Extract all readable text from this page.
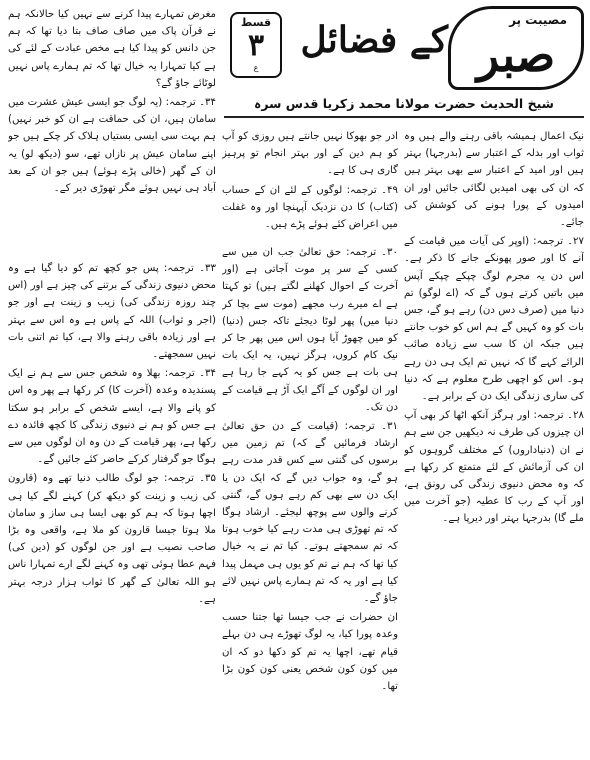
مصیبت پر
صبر
کے فضائل
قسط
۳
ع
شیخ الحدیث حضرت مولانا محمد زکریا قدس سرہ

مغرض تمہارے پیدا کرنے سے نہیں کیا حالانکہ ہم نے قرآن پاک میں صاف صاف بتا دیا تھا کہ ہم جن دانس کو پیدا کیا ہے مخص عبادت کے لئے کی ہے کیا تمہارا یہ خیال تھا کہ تم ہمارے پاس نہیں لوٹائے جاؤ گے؟

۳۴۔ ترجمہ: (یہ لوگ جو ایسی عیش عشرت میں سامان ہیں، ان کی حماقت ہے ان کو خبر نہیں) ہم بہت سی ایسی بستیاں ہلاک کر چکے ہیں جو اپنے سامان عیش پر نازاں تھے، سو (دیکھ لو) یہ ان کے گھر (خالی پڑے ہوئے) ہیں جو ان کے بعد آباد ہی نہیں ہوئے مگر تھوڑی دیر کے۔

ادر جو بھوکا نہیں جانتے ہیں روزی کو آپ کو ہم دین کے اور بہتر انجام تو پرہیز گاری ہی کا ہے۔

۴۹۔ ترجمہ: لوگوں کے لئے ان کے حساب (کتاب) کا دن نزدیک آپہنچا اور وہ غفلت میں اعراض کئے ہوئے پڑے ہیں۔

نیک اعمال ہمیشہ باقی رہنے والے ہیں وہ ثواب اور بدلہ کے اعتبار سے (بدرجہا) بہتر ہیں اور امید کے اعتبار سے بھی بہتر ہیں کہ ان کی بھی امیدیں لگائی جائیں اور ان امیدوں کے پورا ہونے کی کوشش کی جائے۔

۲۷۔ ترجمہ: (اوپر کی آیات میں قیامت کے آنے کا اور صور پھونکے جانے کا ذکر ہے۔ اس دن یہ مجرم لوگ چپکے چپکے آپس میں باتیں کرتے ہوں گے کہ (اے لوگو) تم دنیا میں (صرف دس دن) رہے ہو گے، جس بات کو وہ کہیں گے ہم اس کو خوب جانتے ہیں جبکہ ان کا سب سے زیادہ صائب الرائے کہے گا کہ نہیں تم ایک ہی دن رہے ہو۔ اس کو اچھی طرح معلوم ہے کہ دنیا کی ساری زندگی ایک دن کے برابر ہے۔

۲۸۔ ترجمہ: اور ہرگز آنکھ اٹھا کر بھی آپ ان چیزوں کی طرف نہ دیکھیں جن سے ہم نے ان (دنیاداروں) کے مختلف گروہوں کو ان کی آزمائش کے لئے متمتع کر رکھا ہے کہ وہ محض دنیوی زندگی کی رونق ہے، اور آپ کے رب کا عطیہ (جو آخرت میں ملے گا) بدرجہا بہتر اور دیرپا ہے۔

۳۳۔ ترجمہ: پس جو کچھ تم کو دیا گیا ہے وہ محض دنیوی زندگی کے برتنے کی چیز ہے اور (اس چند روزہ زندگی کی) زیب و زینت ہے اور جو (اجر و ثواب) اللہ کے پاس ہے وہ اس سے بہتر ہے اور زیادہ باقی رہنے والا ہے، کیا تم اتنی بات نہیں سمجھتے۔

۳۴۔ ترجمہ: بھلا وہ شخص جس سے ہم نے ایک پسندیدہ وعدہ (آخرت کا) کر رکھا ہے پھر وہ اس کو پانے والا ہے، ایسے شخص کے برابر ہو سکتا ہے جس کو ہم نے دنیوی زندگی کا کچھ فائدہ دے رکھا ہے، پھر قیامت کے دن وہ ان لوگوں میں سے ہوگا جو گرفتار کرکے حاضر کئے جائیں گے۔

۳۵۔ ترجمہ: جو لوگ طالب دنیا تھے وہ (قارون کی زیب و زینت کو دیکھ کر) کہنے لگے کیا ہی اچھا ہوتا کہ ہم کو بھی ایسا ہی ساز و سامان ملا ہوتا جیسا قارون کو ملا ہے، واقعی وہ بڑا صاحب نصیب ہے اور جن لوگوں کو (دین کی) فہم عطا ہوئی تھی وہ کہنے لگے ارے تمہارا ناس ہو اللہ تعالیٰ کے گھر کا ثواب ہزار درجہ بہتر ہے۔

۳۰۔ ترجمہ: حق تعالیٰ جب ان میں سے کسی کے سر پر موت آجاتی ہے (اور آخرت کے احوال کھلنے لگتے ہیں) تو کہتا ہے اے میرے رب مجھے (موت سے بچا کر دنیا میں) پھر لوٹا دیجئے تاکہ جس (دنیا) کو میں چھوڑ آیا ہوں اس میں پھر جا کر نیک کام کروں، ہرگز نہیں، یہ ایک بات ہی بات ہے جس کو یہ کہے جا رہا ہے اور ان لوگوں کے آگے ایک آڑ ہے قیامت کے دن تک۔

۳۱۔ ترجمہ: (قیامت کے دن حق تعالیٰ ارشاد فرمائیں گے کہ) تم زمین میں برسوں کی گنتی سے کس قدر مدت رہے ہو گے، وہ جواب دیں گے کہ ایک دن یا ایک دن سے بھی کم رہے ہوں گے، گنتی کرنے والوں سے پوچھ لیجئے۔ ارشاد ہوگا کہ تم تھوڑی ہی مدت رہے کیا خوب ہوتا کہ تم سمجھتے ہوتے۔ کیا تم نے یہ خیال کیا تھا کہ ہم نے تم کو یوں ہی مہمل پیدا کیا ہے اور یہ کہ تم ہمارے پاس نہیں لائے جاؤ گے۔

ان حضرات نے جب جیسا تھا جتنا حسب وعدہ پورا کیا، یہ لوگ تھوڑے ہی دن بہلے قیام تھے، اچھا یہ تم کو دکھا دو کہ ان میں کون کون شخص یعنی کون کون بڑا تھا۔
